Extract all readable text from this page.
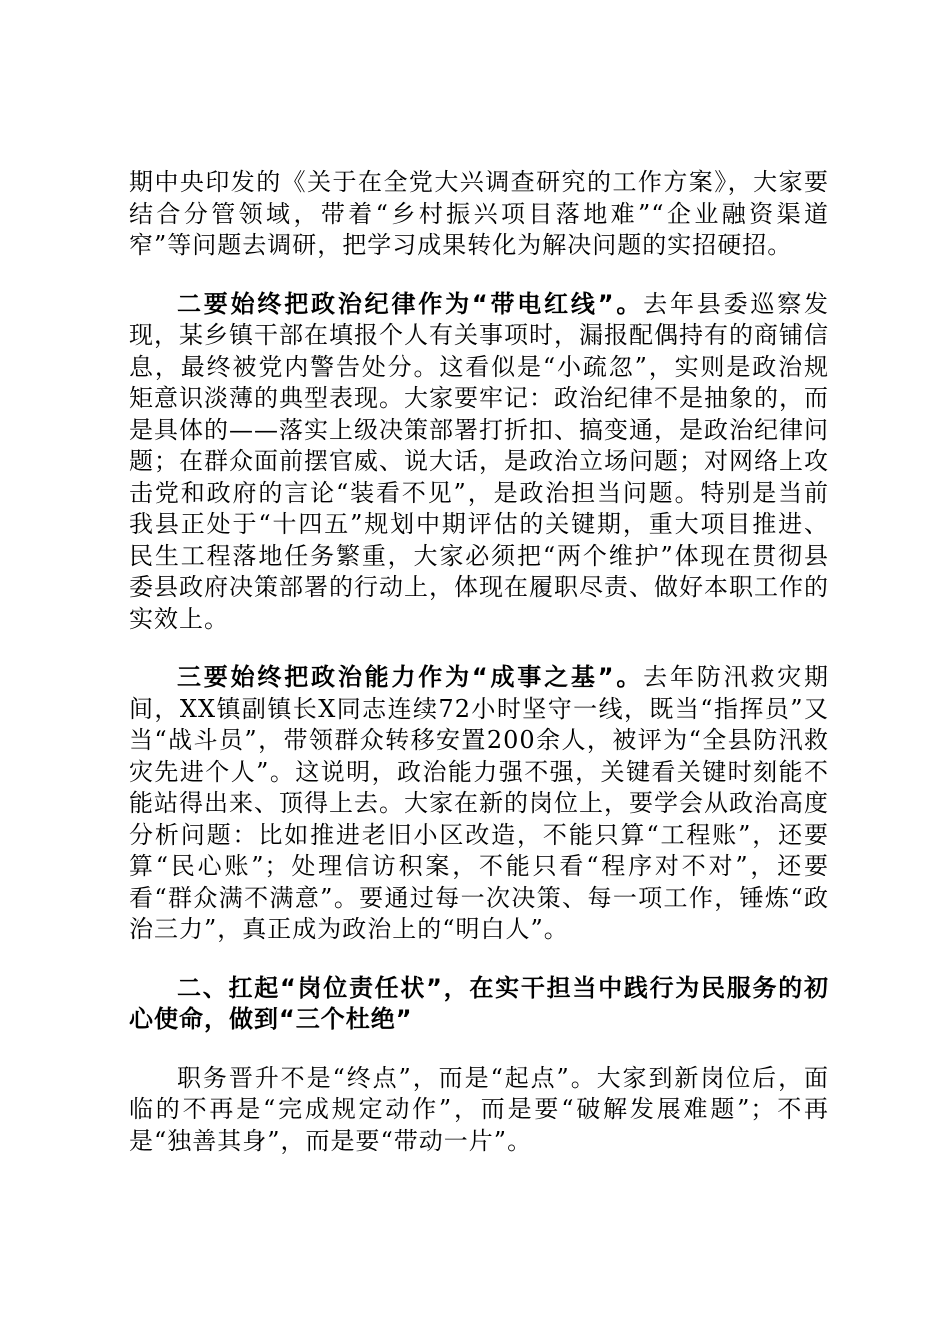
期中央印发的《关于在全党大兴调查研究的工作方案》，大家要结合分管领域，带着“乡村振兴项目落地难”“企业融资渠道窄”等问题去调研，把学习成果转化为解决问题的实招硬招。

二要始终把政治纪律作为“带电红线”。去年县委巡察发现，某乡镇干部在填报个人有关事项时，漏报配偶持有的商铺信息，最终被党内警告处分。这看似是“小疏忽”，实则是政治规矩意识淡薄的典型表现。大家要牢记：政治纪律不是抽象的，而是具体的——落实上级决策部署打折扣、搞变通，是政治纪律问题；在群众面前摆官威、说大话，是政治立场问题；对网络上攻击党和政府的言论“装看不见”，是政治担当问题。特别是当前我县正处于“十四五”规划中期评估的关键期，重大项目推进、民生工程落地任务繁重，大家必须把“两个维护”体现在贯彻县委县政府决策部署的行动上，体现在履职尽责、做好本职工作的实效上。

三要始终把政治能力作为“成事之基”。去年防汛救灾期间，XX镇副镇长X同志连续72小时坚守一线，既当“指挥员”又当“战斗员”，带领群众转移安置200余人，被评为“全县防汛救灾先进个人”。这说明，政治能力强不强，关键看关键时刻能不能站得出来、顶得上去。大家在新的岗位上，要学会从政治高度分析问题：比如推进老旧小区改造，不能只算“工程账”，还要算“民心账”；处理信访积案，不能只看“程序对不对”，还要看“群众满不满意”。要通过每一次决策、每一项工作，锤炼“政治三力”，真正成为政治上的“明白人”。

二、扛起“岗位责任状”，在实干担当中践行为民服务的初心使命，做到“三个杜绝”

职务晋升不是“终点”，而是“起点”。大家到新岗位后，面临的不再是“完成规定动作”，而是要“破解发展难题”；不再是“独善其身”，而是要“带动一片”。
